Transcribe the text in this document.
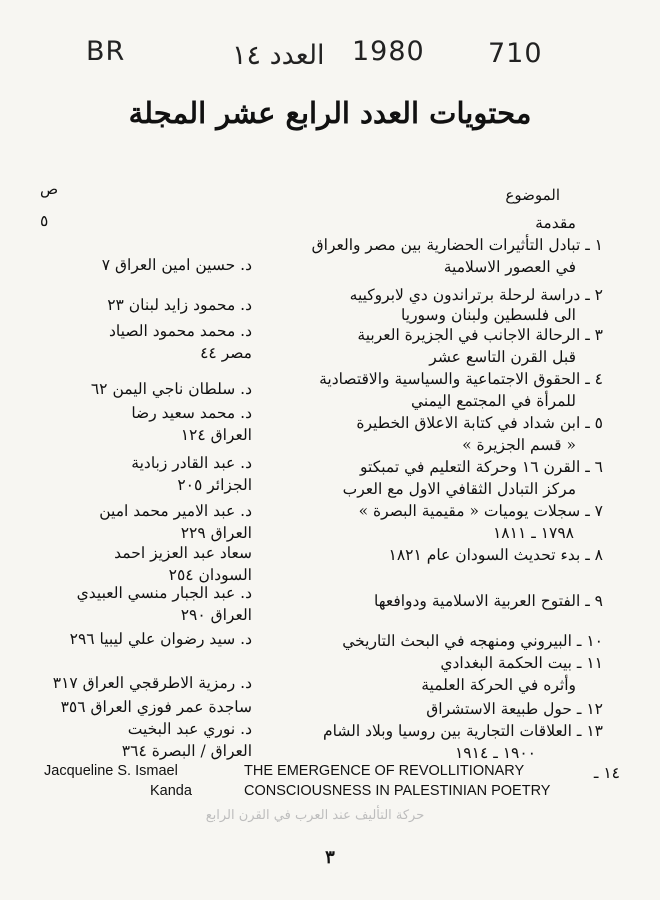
BR	ﺍﻟﻌﺪﺩ ١٤ 1980 710
محتويات العدد الرابع عشر المجلة
ص	الموضوع
مقدمة
٥
١ ـ تبادل التأثيرات الحضارية بين مصر والعراق
في العصور الاسلامية
د. حسين امين العراق ٧
٢ ـ دراسة لرحلة برتراندون دي لابروكييه
الى فلسطين ولبنان وسوريا
د. محمود زايد لبنان ٢٣
٣ ـ الرحالة الاجانب في الجزيرة العربية
قبل القرن التاسع عشر
د. محمد محمود الصياد
مصر ٤٤
٤ ـ الحقوق الاجتماعية والسياسية والاقتصادية
للمرأة في المجتمع اليمني
د. سلطان ناجي اليمن ٦٢
٥ ـ ابن شداد في كتابة الاعلاق الخطيرة
« قسم الجزيرة »
د. محمد سعيد رضا
العراق ١٢٤
٦ ـ القرن ١٦ وحركة التعليم في تمبكتو
مركز التبادل الثقافي الاول مع العرب
د. عبد القادر زبادية
الجزائر ٢٠٥
٧ ـ سجلات يوميات « مقيمية البصرة »
١٧٩٨ ـ ١٨١١
د. عبد الامير محمد امين
العراق ٢٢٩
٨ ـ بدء تحديث السودان عام ١٨٢١
سعاد عبد العزيز احمد
السودان ٢٥٤
٩ ـ الفتوح العربية الاسلامية ودوافعها
د. عبد الجبار منسي العبيدي
العراق ٢٩٠
١٠ ـ البيروني ومنهجه في البحث التاريخي
د. سيد رضوان علي ليبيا ٢٩٦
١١ ـ بيت الحكمة البغدادي
وأثره في الحركة العلمية
د. رمزية الاطرقجي العراق ٣١٧
١٢ ـ حول طبيعة الاستشراق
ساجدة عمر فوزي العراق ٣٥٦
١٣ ـ العلاقات التجارية بين روسيا وبلاد الشام
١٩٠٠ ـ ١٩١٤
د. نوري عبد البخيت
العراق / البصرة ٣٦٤
١٤ ـ
THE EMERGENCE OF REVOLLITIONARY
CONSCIOUSNESS IN PALESTINIAN POETRY
Jacqueline S. Ismael
Kanda
حركة التأليف عند العرب في القرن الرابع
٣
